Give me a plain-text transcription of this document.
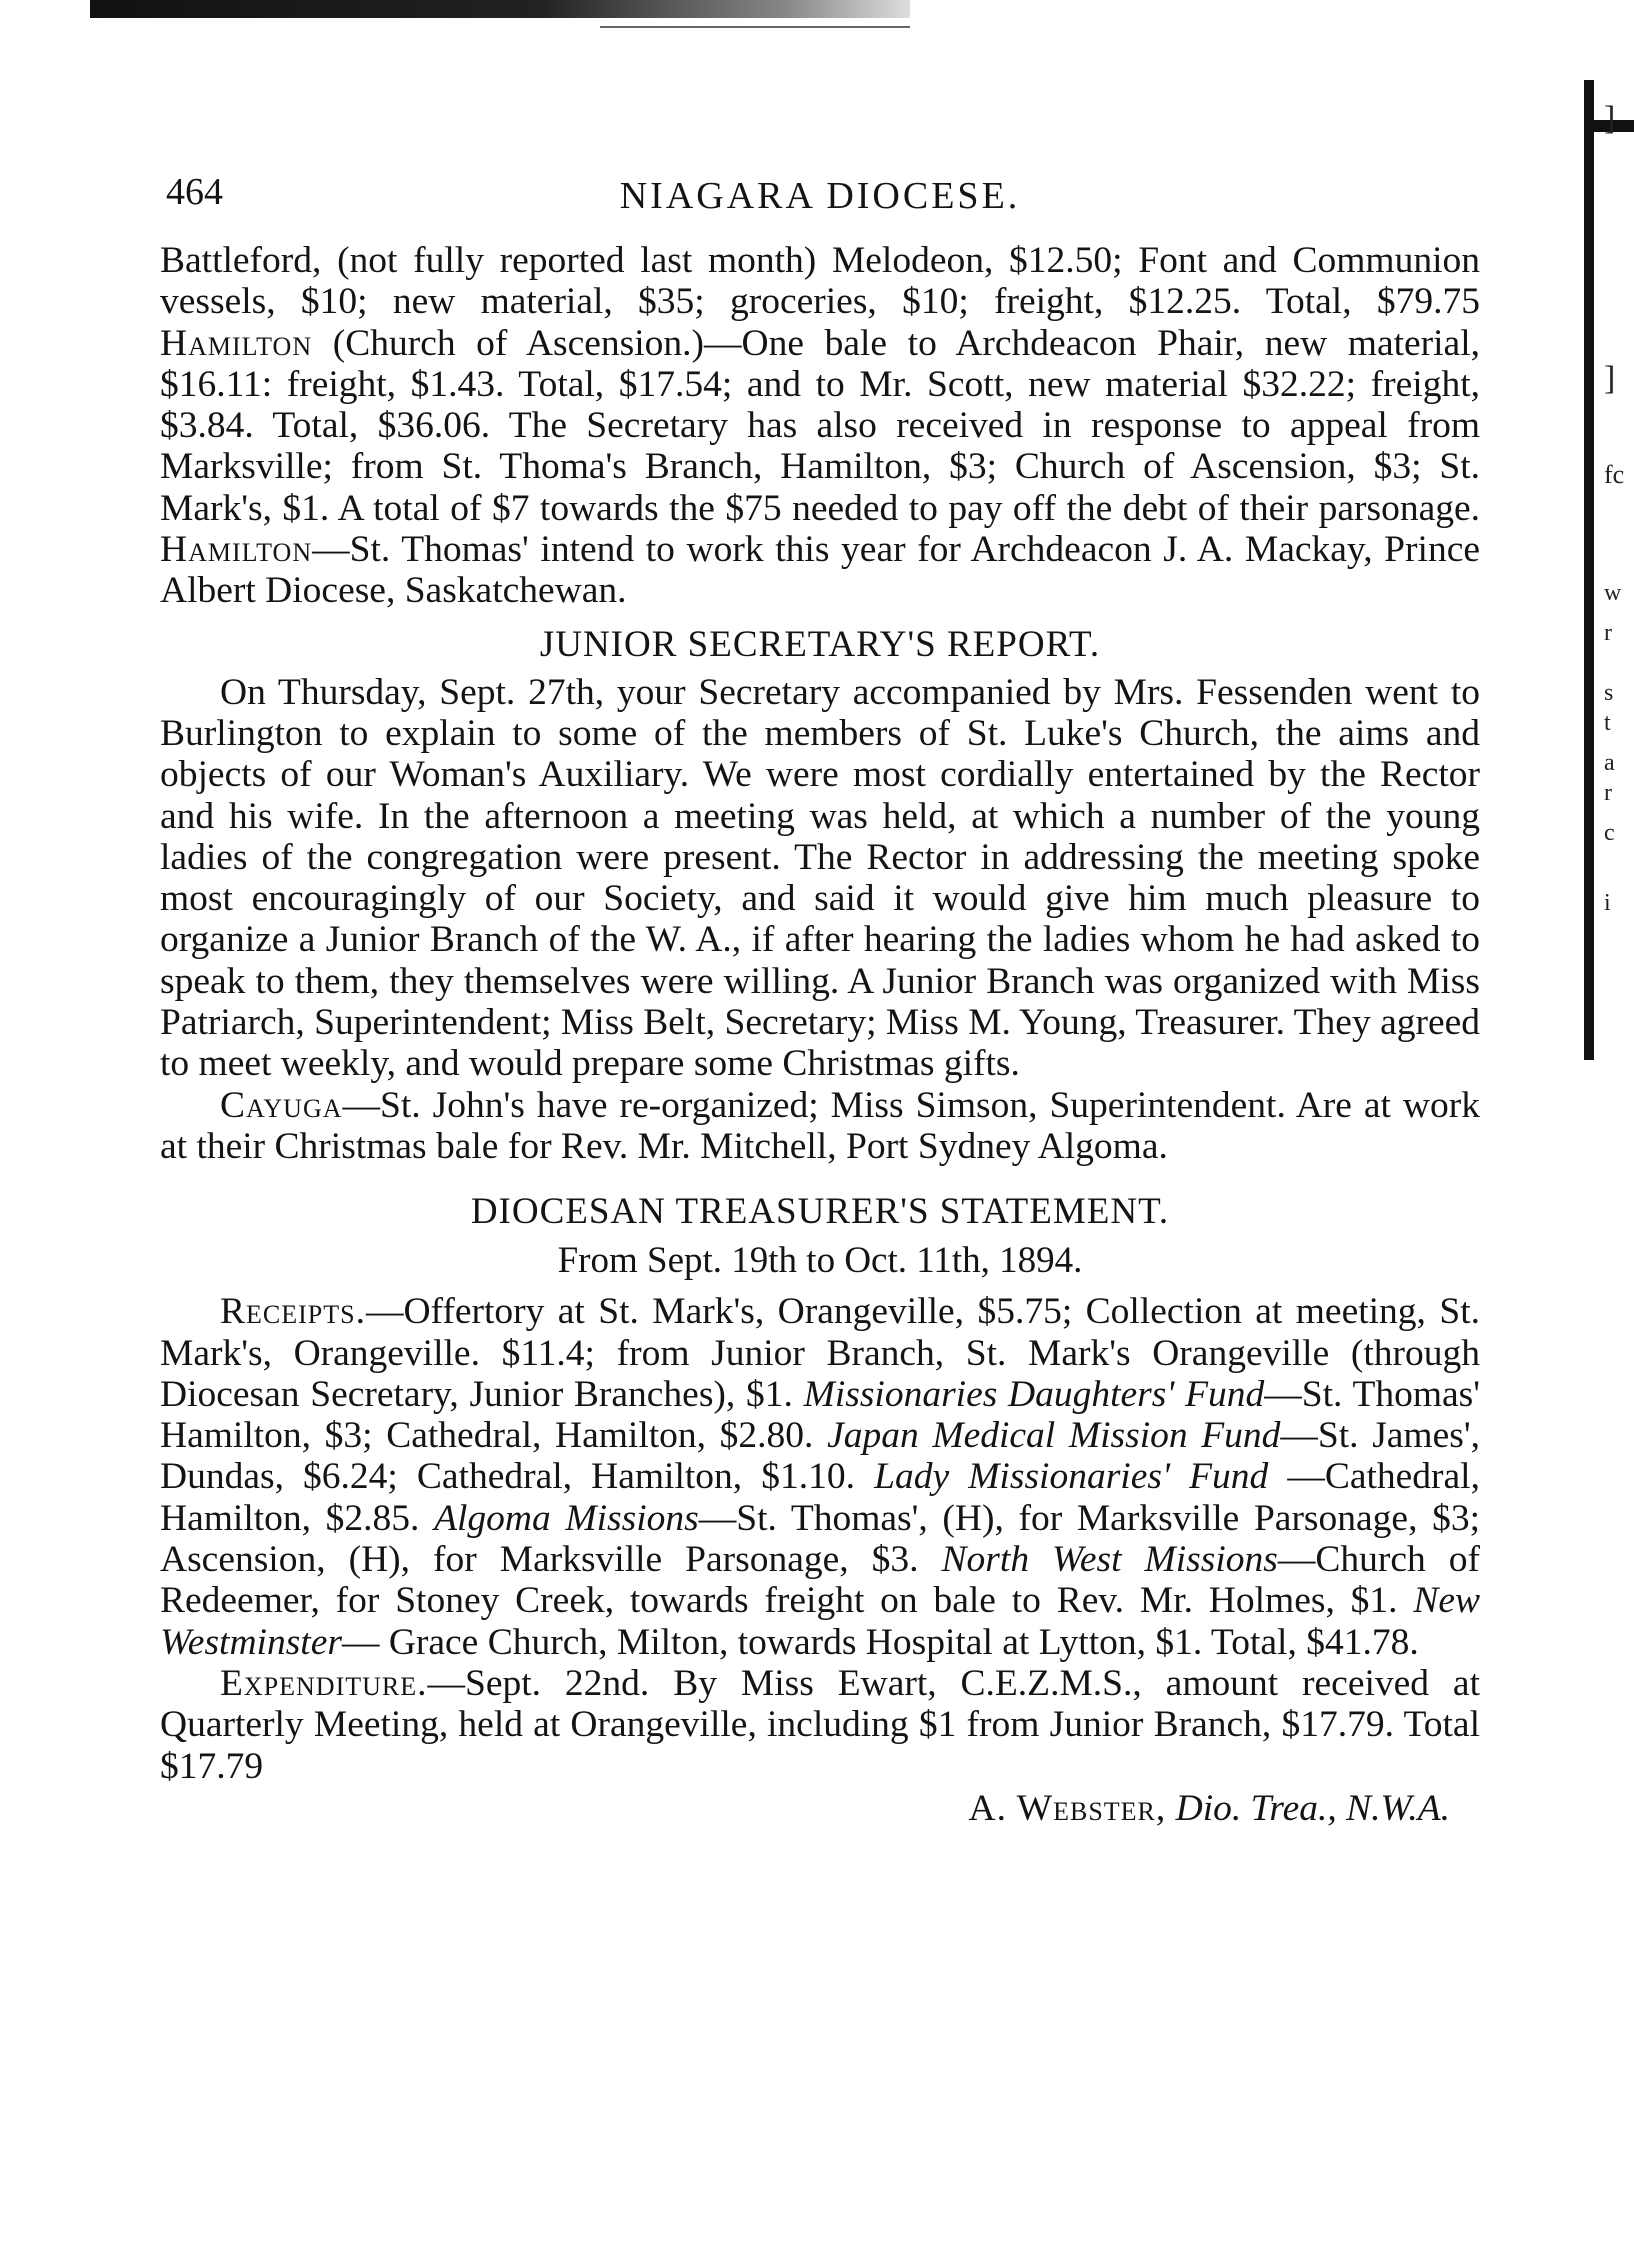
]
]
fc
w
r
s
t
a
r
c
i
464	NIAGARA DIOCESE.

Battleford, (not fully reported last month) Melodeon, $12.50; Font and Communion vessels, $10; new material, $35; groceries, $10; freight, $12.25. Total, $79.75 Hamilton (Church of Ascension.)—One bale to Archdeacon Phair, new material, $16.11: freight, $1.43. Total, $17.54; and to Mr. Scott, new material $32.22; freight, $3.84. Total, $36.06. The Secretary has also received in response to appeal from Marksville; from St. Thoma's Branch, Hamilton, $3; Church of Ascension, $3; St. Mark's, $1. A total of $7 towards the $75 needed to pay off the debt of their parsonage. Hamilton—St. Thomas' intend to work this year for Archdeacon J. A. Mackay, Prince Albert Diocese, Saskatchewan.

JUNIOR SECRETARY'S REPORT.

On Thursday, Sept. 27th, your Secretary accompanied by Mrs. Fessenden went to Burlington to explain to some of the members of St. Luke's Church, the aims and objects of our Woman's Auxiliary. We were most cordially entertained by the Rector and his wife. In the afternoon a meeting was held, at which a number of the young ladies of the congregation were present. The Rector in addressing the meeting spoke most encouragingly of our Society, and said it would give him much pleasure to organize a Junior Branch of the W. A., if after hearing the ladies whom he had asked to speak to them, they themselves were willing. A Junior Branch was organized with Miss Patriarch, Superintendent; Miss Belt, Secretary; Miss M. Young, Treasurer. They agreed to meet weekly, and would prepare some Christmas gifts.

Cayuga—St. John's have re-organized; Miss Simson, Superintendent. Are at work at their Christmas bale for Rev. Mr. Mitchell, Port Sydney Algoma.

DIOCESAN TREASURER'S STATEMENT.
From Sept. 19th to Oct. 11th, 1894.

Receipts.—Offertory at St. Mark's, Orangeville, $5.75; Collection at meeting, St. Mark's, Orangeville. $11.4; from Junior Branch, St. Mark's Orangeville (through Diocesan Secretary, Junior Branches), $1. Missionaries Daughters' Fund—St. Thomas' Hamilton, $3; Cathedral, Hamilton, $2.80. Japan Medical Mission Fund—St. James', Dundas, $6.24; Cathedral, Hamilton, $1.10. Lady Missionaries' Fund —Cathedral, Hamilton, $2.85. Algoma Missions—St. Thomas', (H), for Marksville Parsonage, $3; Ascension, (H), for Marksville Parsonage, $3. North West Missions—Church of Redeemer, for Stoney Creek, towards freight on bale to Rev. Mr. Holmes, $1. New Westminster— Grace Church, Milton, towards Hospital at Lytton, $1. Total, $41.78.

Expenditure.—Sept. 22nd. By Miss Ewart, C.E.Z.M.S., amount received at Quarterly Meeting, held at Orangeville, including $1 from Junior Branch, $17.79. Total $17.79

A. Webster, Dio. Trea., N.W.A.
